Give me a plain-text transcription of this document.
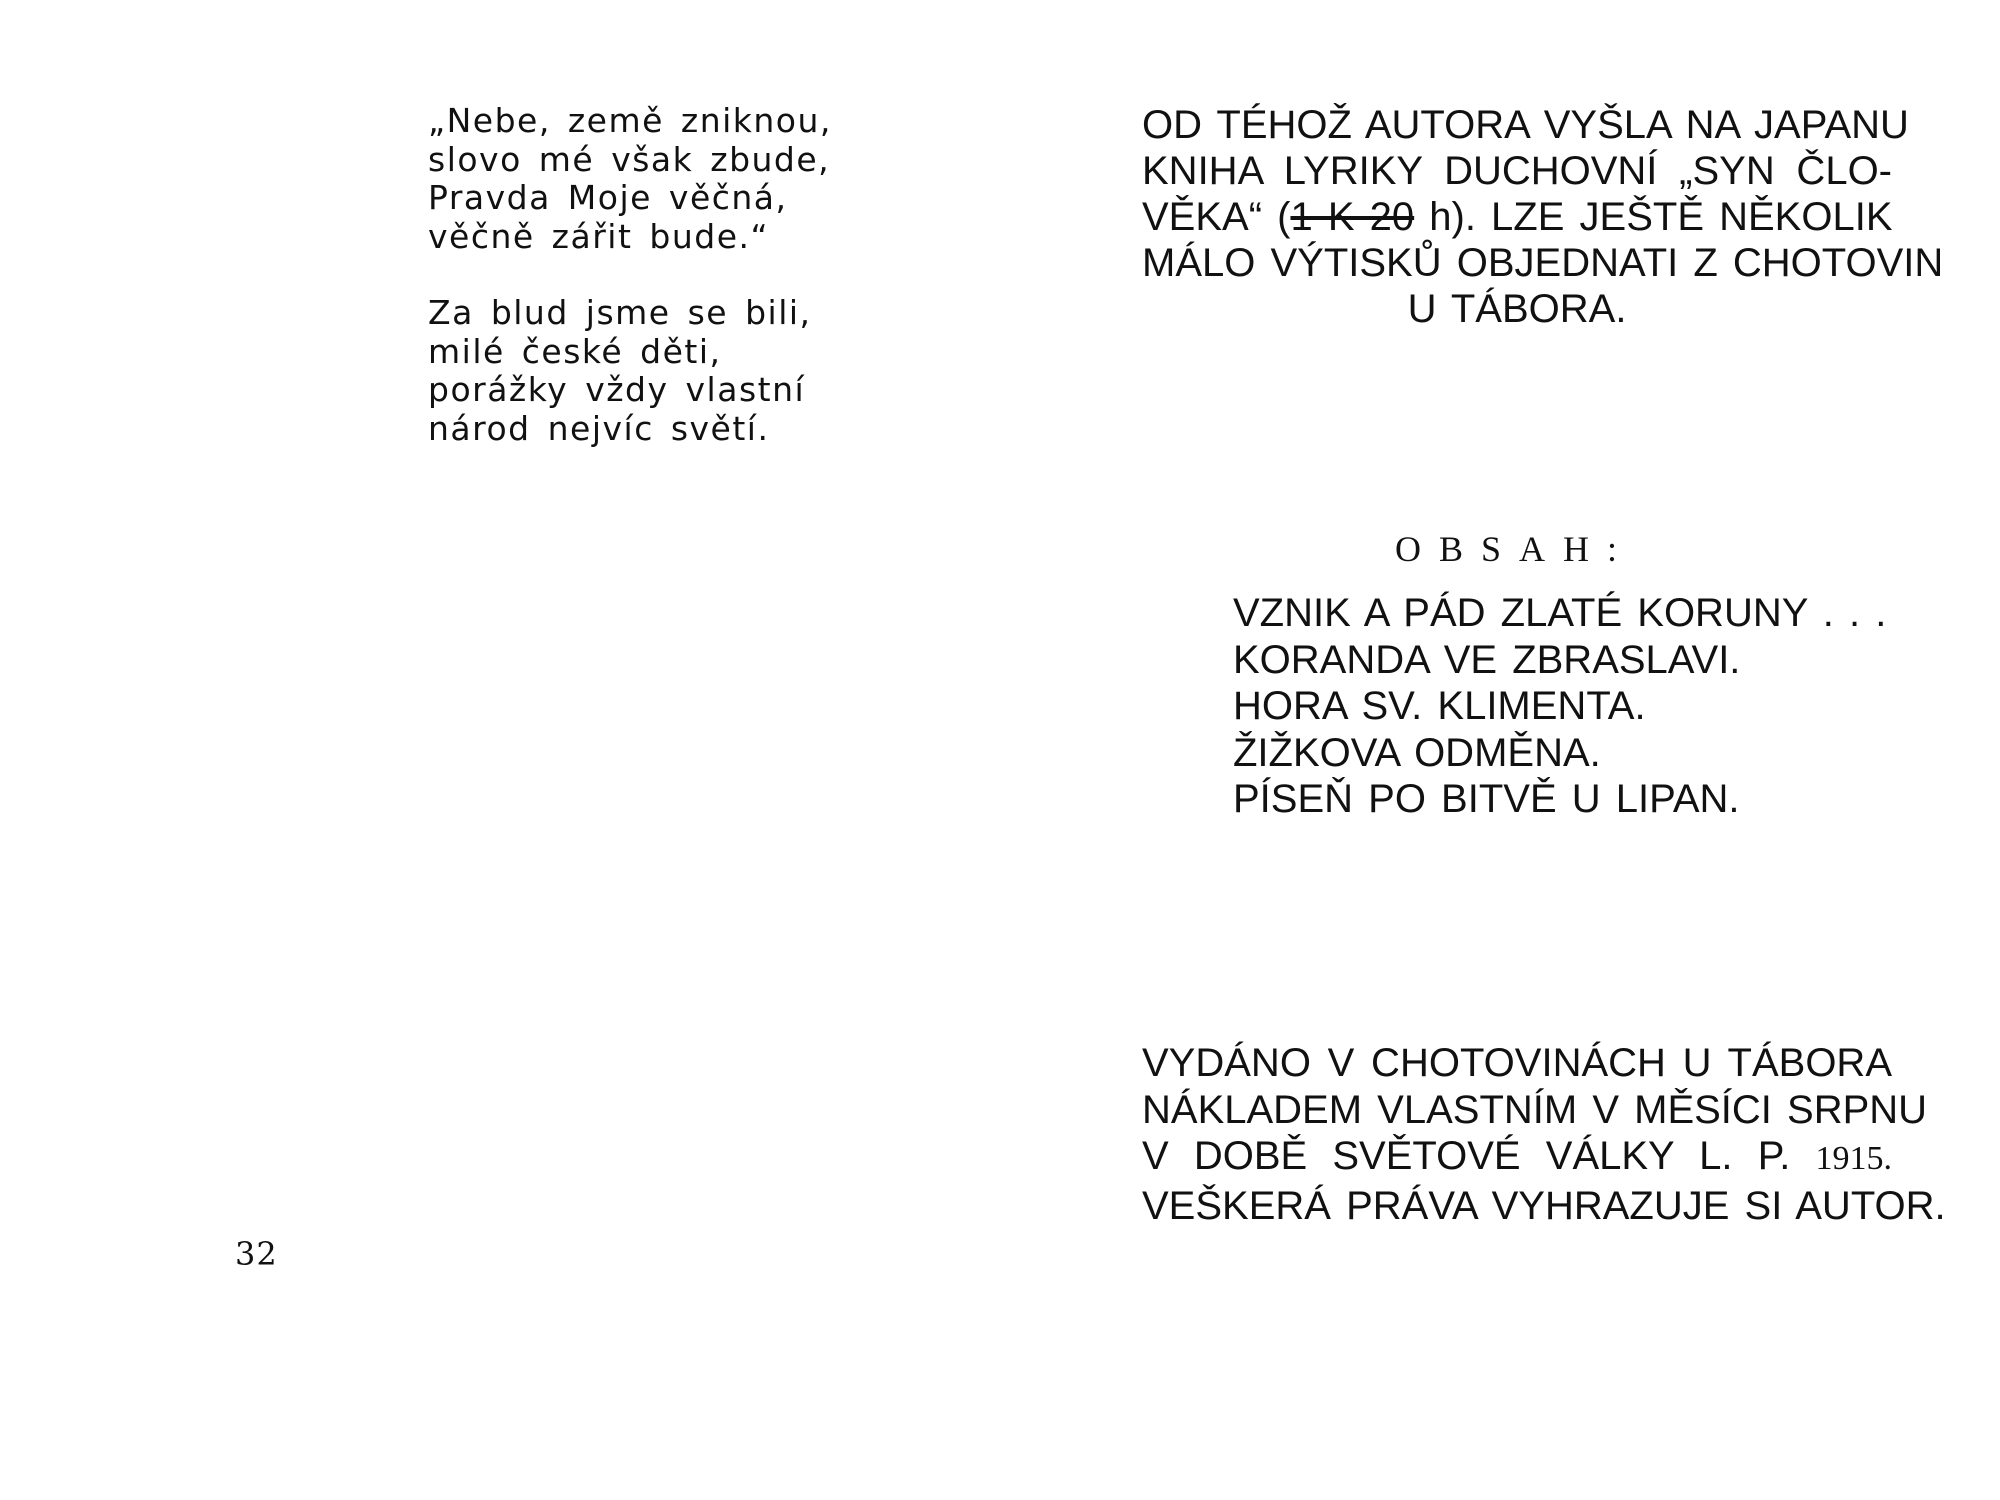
„Nebe, země zniknou,
slovo mé však zbude,
Pravda Moje věčná,
věčně zářit bude.“
Za blud jsme se bili,
milé české děti,
porážky vždy vlastní
národ nejvíc světí.
32
OD TÉHOŽ AUTORA VYŠLA NA JAPANU
KNIHA LYRIKY DUCHOVNÍ „SYN ČLO-
VĚKA“ (1 K 20 h). LZE JEŠTĚ NĚKOLIK
MÁLO VÝTISKŮ OBJEDNATI Z CHOTOVIN
U TÁBORA.
OBSAH:
VZNIK A PÁD ZLATÉ KORUNY . . .
KORANDA VE ZBRASLAVI.
HORA SV. KLIMENTA.
ŽIŽKOVA ODMĚNA.
PÍSEŇ PO BITVĚ U LIPAN.
VYDÁNO V CHOTOVINÁCH U TÁBORA
NÁKLADEM VLASTNÍM V MĚSÍCI SRPNU
V DOBĚ SVĚTOVÉ VÁLKY L. P. 1915.
VEŠKERÁ PRÁVA VYHRAZUJE SI AUTOR.
